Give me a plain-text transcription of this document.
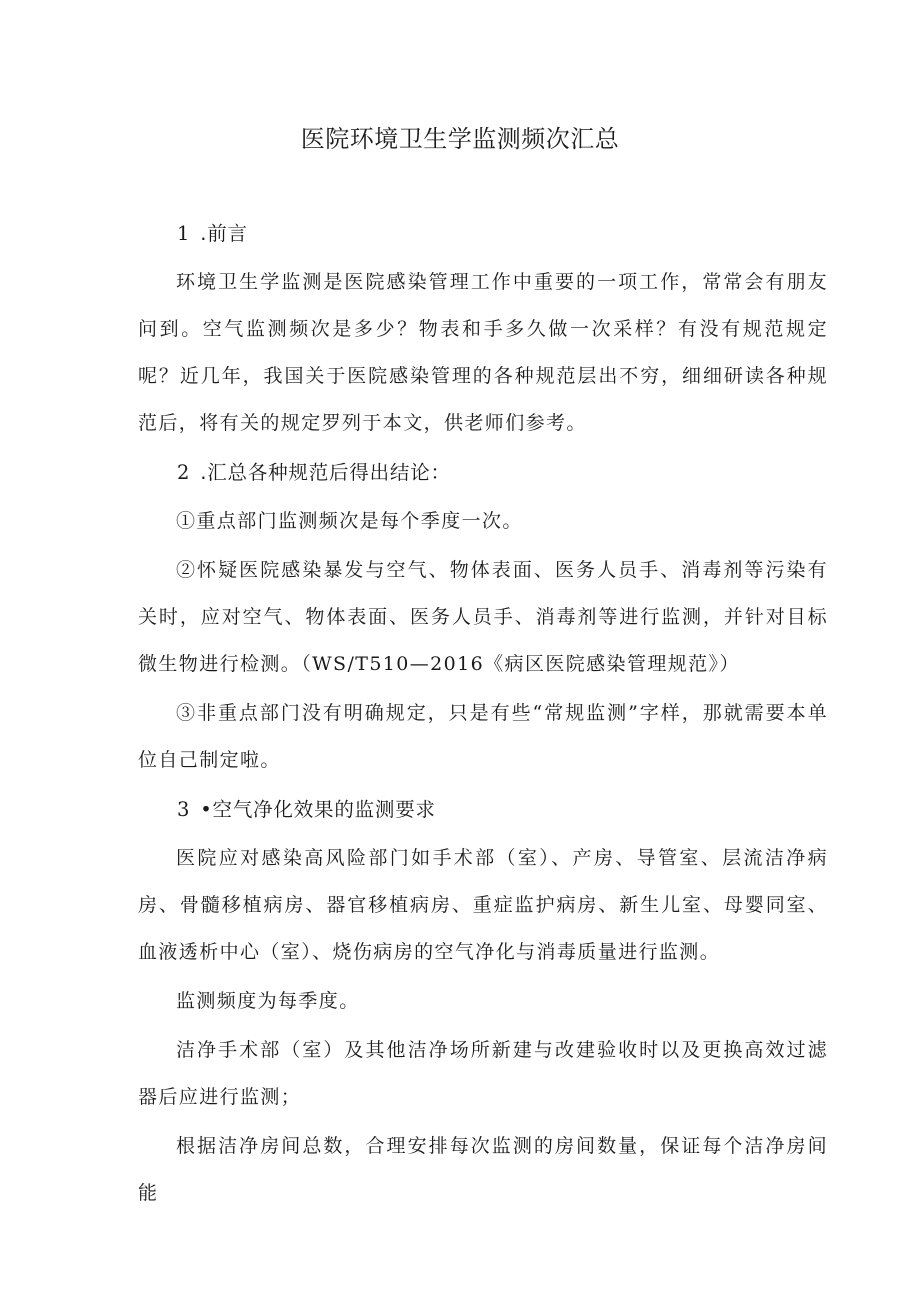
医院环境卫生学监测频次汇总
1 .前言

环境卫生学监测是医院感染管理工作中重要的一项工作，常常会有朋友问到。空气监测频次是多少？物表和手多久做一次采样？有没有规范规定呢？近几年，我国关于医院感染管理的各种规范层出不穷，细细研读各种规范后，将有关的规定罗列于本文，供老师们参考。

2 .汇总各种规范后得出结论：

①重点部门监测频次是每个季度一次。

②怀疑医院感染暴发与空气、物体表面、医务人员手、消毒剂等污染有关时，应对空气、物体表面、医务人员手、消毒剂等进行监测，并针对目标微生物进行检测。（WS/T510—2016《病区医院感染管理规范》）

③非重点部门没有明确规定，只是有些“常规监测”字样，那就需要本单位自己制定啦。

3 •空气净化效果的监测要求

医院应对感染高风险部门如手术部（室）、产房、导管室、层流洁净病房、骨髓移植病房、器官移植病房、重症监护病房、新生儿室、母婴同室、血液透析中心（室）、烧伤病房的空气净化与消毒质量进行监测。

监测频度为每季度。

洁净手术部（室）及其他洁净场所新建与改建验收时以及更换高效过滤器后应进行监测；

根据洁净房间总数，合理安排每次监测的房间数量，保证每个洁净房间能
